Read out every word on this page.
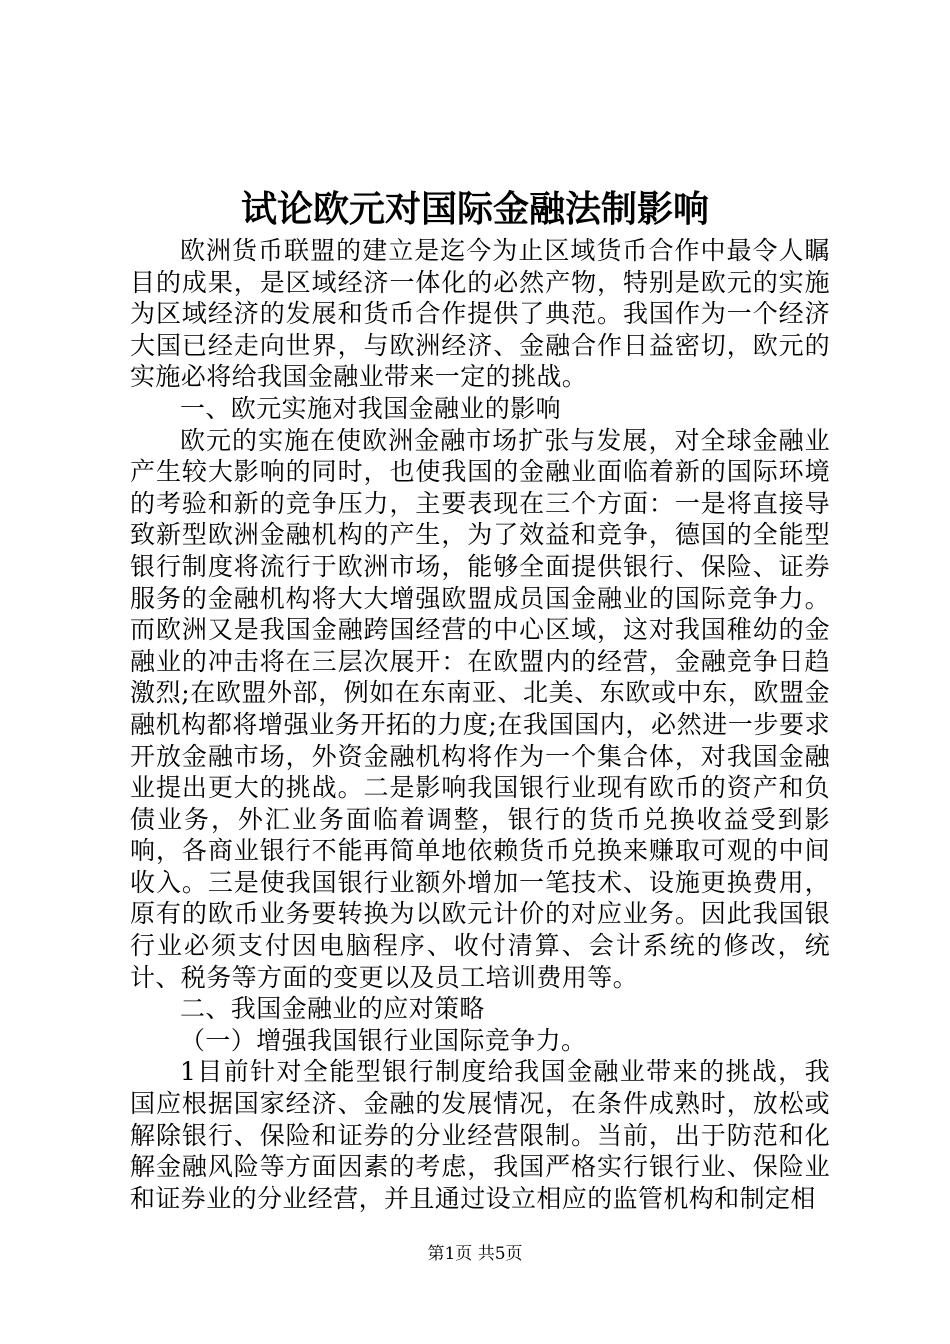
试论欧元对国际金融法制影响

欧洲货币联盟的建立是迄今为止区域货币合作中最令人瞩目的成果，是区域经济一体化的必然产物，特别是欧元的实施为区域经济的发展和货币合作提供了典范。我国作为一个经济大国已经走向世界，与欧洲经济、金融合作日益密切，欧元的实施必将给我国金融业带来一定的挑战。

一、欧元实施对我国金融业的影响

欧元的实施在使欧洲金融市场扩张与发展，对全球金融业产生较大影响的同时，也使我国的金融业面临着新的国际环境的考验和新的竞争压力，主要表现在三个方面：一是将直接导致新型欧洲金融机构的产生，为了效益和竞争，德国的全能型银行制度将流行于欧洲市场，能够全面提供银行、保险、证券服务的金融机构将大大增强欧盟成员国金融业的国际竞争力。而欧洲又是我国金融跨国经营的中心区域，这对我国稚幼的金融业的冲击将在三层次展开：在欧盟内的经营，金融竞争日趋激烈;在欧盟外部，例如在东南亚、北美、东欧或中东，欧盟金融机构都将增强业务开拓的力度;在我国国内，必然进一步要求开放金融市场，外资金融机构将作为一个集合体，对我国金融业提出更大的挑战。二是影响我国银行业现有欧币的资产和负债业务，外汇业务面临着调整，银行的货币兑换收益受到影响，各商业银行不能再简单地依赖货币兑换来赚取可观的中间收入。三是使我国银行业额外增加一笔技术、设施更换费用，原有的欧币业务要转换为以欧元计价的对应业务。因此我国银行业必须支付因电脑程序、收付清算、会计系统的修改，统计、税务等方面的变更以及员工培训费用等。

二、我国金融业的应对策略

（一）增强我国银行业国际竞争力。

1目前针对全能型银行制度给我国金融业带来的挑战，我国应根据国家经济、金融的发展情况，在条件成熟时，放松或解除银行、保险和证券的分业经营限制。当前，出于防范和化解金融风险等方面因素的考虑，我国严格实行银行业、保险业和证券业的分业经营，并且通过设立相应的监管机构和制定相

第1页 共5页
